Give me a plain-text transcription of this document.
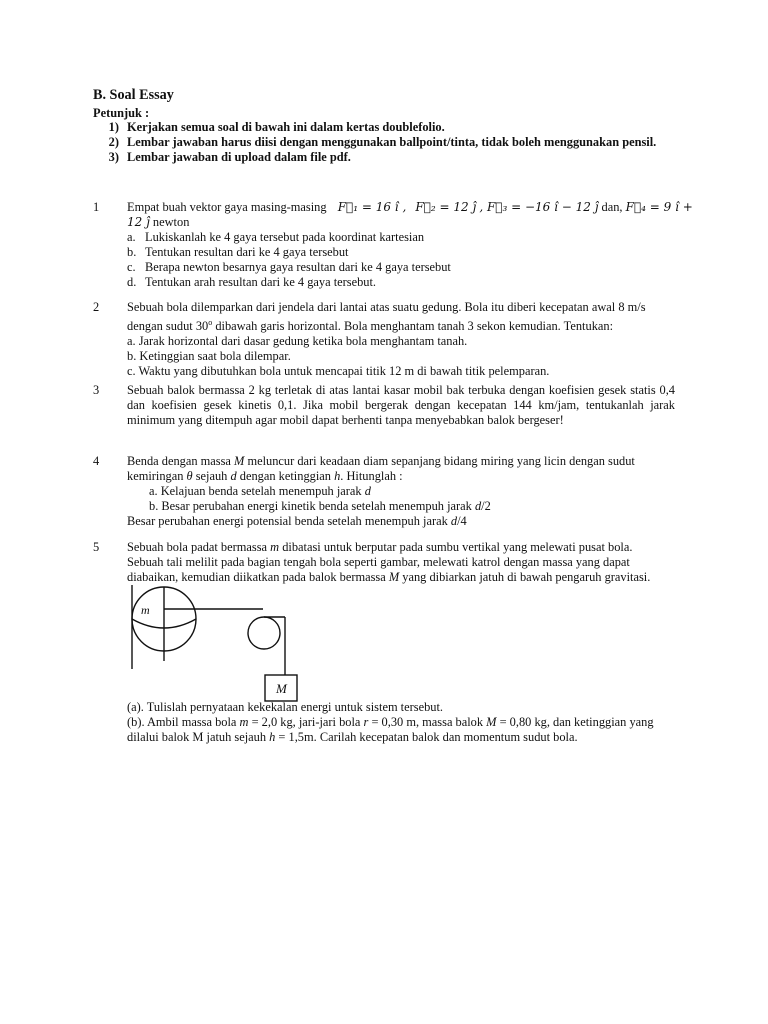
B. Soal Essay
Petunjuk :
1) Kerjakan semua soal di bawah ini dalam kertas doublefolio.
2) Lembar jawaban harus diisi dengan menggunakan ballpoint/tinta, tidak boleh menggunakan pensil.
3) Lembar jawaban di upload dalam file pdf.
1	Empat buah vektor gaya masing-masing F⃗₁ = 16 î , F⃗₂ = 12 ĵ , F⃗₃ = −16 î − 12 ĵ dan, F⃗₄ = 9 î +
12 ĵ newton
a. Lukiskanlah ke 4 gaya tersebut pada koordinat kartesian
b. Tentukan resultan dari ke 4 gaya tersebut
c. Berapa newton besarnya gaya resultan dari ke 4 gaya tersebut
d. Tentukan arah resultan dari ke 4 gaya tersebut.
2	Sebuah bola dilemparkan dari jendela dari lantai atas suatu gedung. Bola itu diberi kecepatan awal 8 m/s
dengan sudut 30$^o$ dibawah garis horizontal. Bola menghantam tanah 3 sekon kemudian. Tentukan:
a. Jarak horizontal dari dasar gedung ketika bola menghantam tanah.
b. Ketinggian saat bola dilempar.
c. Waktu yang dibutuhkan bola untuk mencapai titik 12 m di bawah titik pelemparan.
3	Sebuah balok bermassa 2 kg terletak di atas lantai kasar mobil bak terbuka dengan koefisien gesek statis 0,4 dan koefisien gesek kinetis 0,1. Jika mobil bergerak dengan kecepatan 144 km/jam, tentukanlah jarak minimum yang ditempuh agar mobil dapat berhenti tanpa menyebabkan balok bergeser!
4	Benda dengan massa M meluncur dari keadaan diam sepanjang bidang miring yang licin dengan sudut
kemiringan θ sejauh d dengan ketinggian h. Hitunglah :
a. Kelajuan benda setelah menempuh jarak d
b. Besar perubahan energi kinetik benda setelah menempuh jarak d/2
Besar perubahan energi potensial benda setelah menempuh jarak d/4
5	Sebuah bola padat bermassa m dibatasi untuk berputar pada sumbu vertikal yang melewati pusat bola.
Sebuah tali melilit pada bagian tengah bola seperti gambar, melewati katrol dengan massa yang dapat
diabaikan, kemudian diikatkan pada balok bermassa M yang dibiarkan jatuh di bawah pengaruh gravitasi.
m
M
(a). Tulislah pernyataan kekekalan energi untuk sistem tersebut.
(b). Ambil massa bola m = 2,0 kg, jari-jari bola r = 0,30 m, massa balok M = 0,80 kg, dan ketinggian yang
dilalui balok M jatuh sejauh h = 1,5m. Carilah kecepatan balok dan momentum sudut bola.
